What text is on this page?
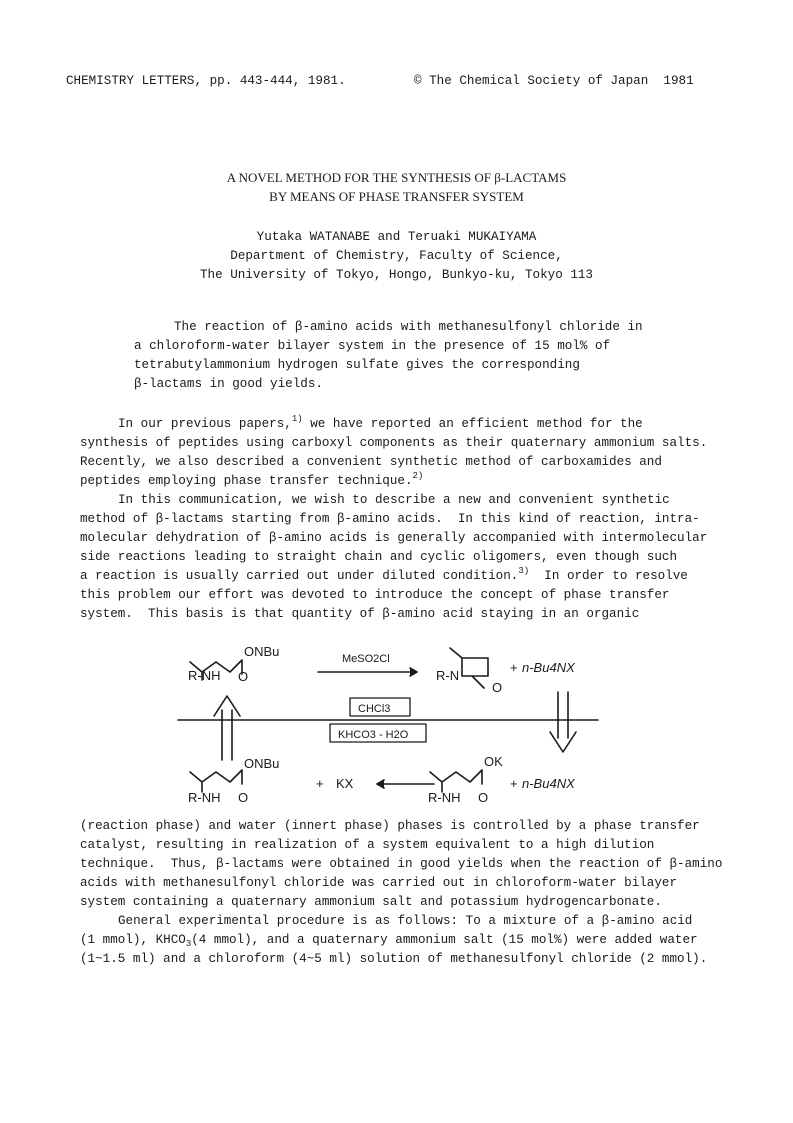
CHEMISTRY LETTERS, pp. 443-444, 1981.	© The Chemical Society of Japan  1981
A NOVEL METHOD FOR THE SYNTHESIS OF β-LACTAMS
BY MEANS OF PHASE TRANSFER SYSTEM
Yutaka WATANABE and Teruaki MUKAIYAMA
Department of Chemistry, Faculty of Science,
The University of Tokyo, Hongo, Bunkyo-ku, Tokyo 113
The reaction of β-amino acids with methanesulfonyl chloride in
a chloroform-water bilayer system in the presence of 15 mol% of
tetrabutylammonium hydrogen sulfate gives the corresponding
β-lactams in good yields.
In our previous papers,$^{1)}$ we have reported an efficient method for the
synthesis of peptides using carboxyl components as their quaternary ammonium salts.
Recently, we also described a convenient synthetic method of carboxamides and
peptides employing phase transfer technique.$^{2)}$
In this communication, we wish to describe a new and convenient synthetic
method of β-lactams starting from β-amino acids.  In this kind of reaction, intra-
molecular dehydration of β-amino acids is generally accompanied with intermolecular
side reactions leading to straight chain and cyclic oligomers, even though such
a reaction is usually carried out under diluted condition.$^{3)}$  In order to resolve
this problem our effort was devoted to introduce the concept of phase transfer
system.  This basis is that quantity of β-amino acid staying in an organic
ONBu
R-NH O
MeSO2Cl
R-N
O
+ n-Bu4NX
CHCl3
KHCO3 - H2O
ONBu
R-NH O
+ KX
OK
R-NH O
+ n-Bu4NX
(reaction phase) and water (innert phase) phases is controlled by a phase transfer
catalyst, resulting in realization of a system equivalent to a high dilution
technique.  Thus, β-lactams were obtained in good yields when the reaction of β-amino
acids with methanesulfonyl chloride was carried out in chloroform-water bilayer
system containing a quaternary ammonium salt and potassium hydrogencarbonate.
General experimental procedure is as follows: To a mixture of a β-amino acid
(1 mmol), $KHCO_3(4$ mmol), and a quaternary ammonium salt (15 mol%) were added water
(1~1.5 ml) and a chloroform (4~5 ml) solution of methanesulfonyl chloride (2 mmol).
